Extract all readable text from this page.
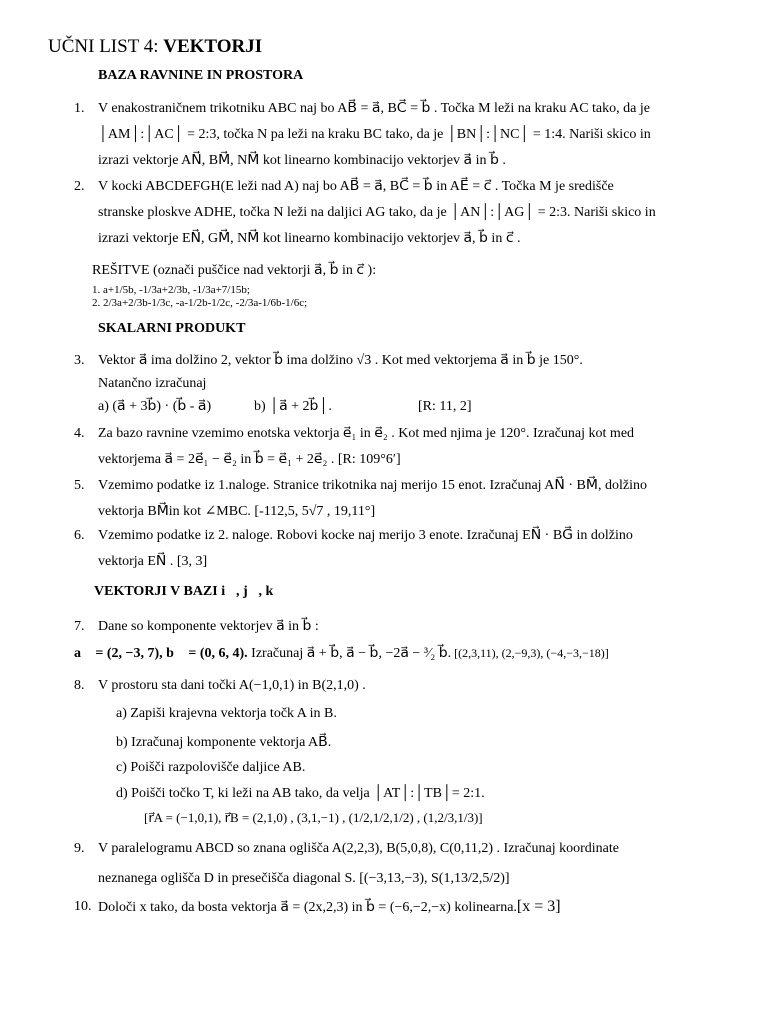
UČNI LIST 4: VEKTORJI
BAZA RAVNINE IN PROSTORA
1. V enakostraničnem trikotniku ABC naj bo AB⃗ = a⃗, BC⃗ = b⃗ . Točka M leži na kraku AC tako, da je
│AM│:│AC│ = 2:3, točka N pa leži na kraku BC tako, da je │BN│:│NC│ = 1:4. Nariši skico in
izrazi vektorje AN⃗, BM⃗, NM⃗ kot linearno kombinacijo vektorjev a⃗ in b⃗ .
2. V kocki ABCDEFGH(E leži nad A) naj bo AB⃗ = a⃗, BC⃗ = b⃗ in AE⃗ = c⃗ . Točka M je središče
stranske ploskve ADHE, točka N leži na daljici AG tako, da je │AN│:│AG│ = 2:3. Nariši skico in
izrazi vektorje EN⃗, GM⃗, NM⃗ kot linearno kombinacijo vektorjev a⃗, b⃗ in c⃗ .
REŠITVE (označi puščice nad vektorji a⃗, b⃗ in c⃗ ):
1. a+1/5b, -1/3a+2/3b, -1/3a+7/15b;
2. 2/3a+2/3b-1/3c, -a-1/2b-1/2c, -2/3a-1/6b-1/6c;
SKALARNI PRODUKT
3. Vektor a⃗ ima dolžino 2, vektor b⃗ ima dolžino √3 . Kot med vektorjema a⃗ in b⃗ je 150°.
Natančno izračunaj
a) (a⃗ + 3b⃗) · (b⃗ - a⃗)	b) │a⃗ + 2b⃗│.	[R: 11, 2]
4. Za bazo ravnine vzemimo enotska vektorja e⃗₁ in e⃗₂ . Kot med njima je 120°. Izračunaj kot med
vektorjema a⃗ = 2e⃗₁ − e⃗₂ in b⃗ = e⃗₁ + 2e⃗₂ . [R: 109°6′]
5. Vzemimo podatke iz 1.naloge. Stranice trikotnika naj merijo 15 enot. Izračunaj AN⃗ · BM⃗, dolžino
vektorja BM⃗in kot ∠MBC. [-112,5, 5√7 , 19,11°]
6. Vzemimo podatke iz 2. naloge. Robovi kocke naj merijo 3 enote. Izračunaj EN⃗ · BG⃗ in dolžino
vektorja EN⃗ . [3, 3]
VEKTORJI V BAZI i⃗, j⃗, k⃗
7. Dane so komponente vektorjev a⃗ in b⃗ :
a⃗ = (2, −3, 7), b⃗ = (0, 6, 4). Izračunaj a⃗ + b⃗, a⃗ − b⃗, −2a⃗ − ³⁄₂ b⃗. [(2,3,11), (2,−9,3), (−4,−3,−18)]
8. V prostoru sta dani točki A(−1,0,1) in B(2,1,0) .
a) Zapiši krajevna vektorja točk A in B.
b) Izračunaj komponente vektorja AB⃗.
c) Poišči razpolovišče daljice AB.
d) Poišči točko T, ki leži na AB tako, da velja │AT│:│TB│= 2:1.
[r⃗A = (−1,0,1), r⃗B = (2,1,0) , (3,1,−1) , (1/2,1/2,1/2) , (1,2/3,1/3)]
9. V paralelogramu ABCD so znana oglišča A(2,2,3), B(5,0,8), C(0,11,2) . Izračunaj koordinate
neznanega oglišča D in presečišča diagonal S. [(−3,13,−3), S(1,13/2,5/2)]
10. Določi x tako, da bosta vektorja a⃗ = (2x,2,3) in b⃗ = (−6,−2,−x) kolinearna.[x = 3]
